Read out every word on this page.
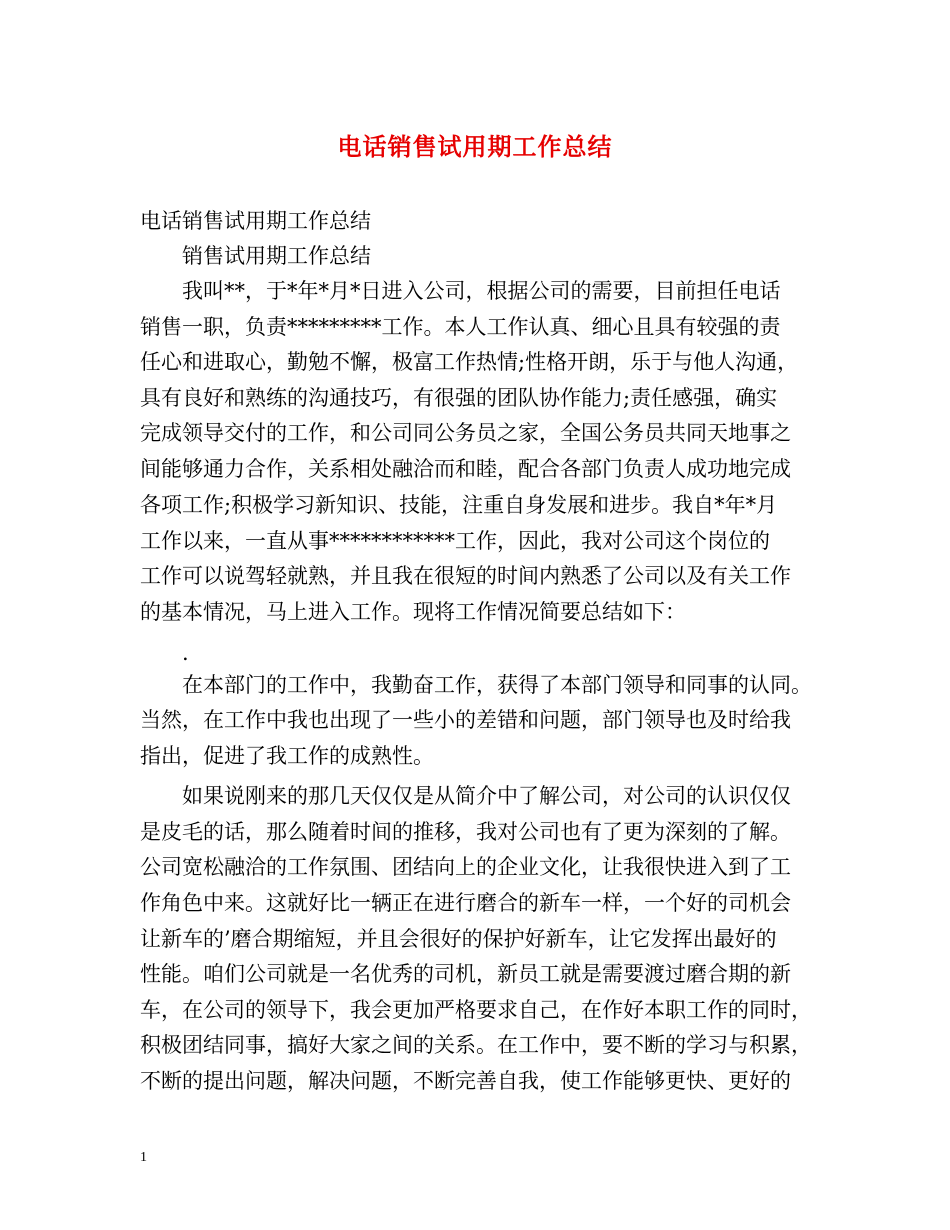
电话销售试用期工作总结
电话销售试用期工作总结
销售试用期工作总结
我叫**，于*年*月*日进入公司，根据公司的需要，目前担任电话
销售一职，负责*********工作。本人工作认真、细心且具有较强的责
任心和进取心，勤勉不懈，极富工作热情;性格开朗，乐于与他人沟通，
具有良好和熟练的沟通技巧，有很强的团队协作能力;责任感强，确实
完成领导交付的工作，和公司同公务员之家，全国公务员共同天地事之
间能够通力合作，关系相处融洽而和睦，配合各部门负责人成功地完成
各项工作;积极学习新知识、技能，注重自身发展和进步。我自*年*月
工作以来，一直从事************工作，因此，我对公司这个岗位的
工作可以说驾轻就熟，并且我在很短的时间内熟悉了公司以及有关工作
的基本情况，马上进入工作。现将工作情况简要总结如下：
.
在本部门的工作中，我勤奋工作，获得了本部门领导和同事的认同。
当然，在工作中我也出现了一些小的差错和问题，部门领导也及时给我
指出，促进了我工作的成熟性。
如果说刚来的那几天仅仅是从简介中了解公司，对公司的认识仅仅
是皮毛的话，那么随着时间的推移，我对公司也有了更为深刻的了解。
公司宽松融洽的工作氛围、团结向上的企业文化，让我很快进入到了工
作角色中来。这就好比一辆正在进行磨合的新车一样，一个好的司机会
让新车的’磨合期缩短，并且会很好的保护好新车，让它发挥出最好的
性能。咱们公司就是一名优秀的司机，新员工就是需要渡过磨合期的新
车，在公司的领导下，我会更加严格要求自己，在作好本职工作的同时，
积极团结同事，搞好大家之间的关系。在工作中，要不断的学习与积累，
不断的提出问题，解决问题，不断完善自我，使工作能够更快、更好的
1
